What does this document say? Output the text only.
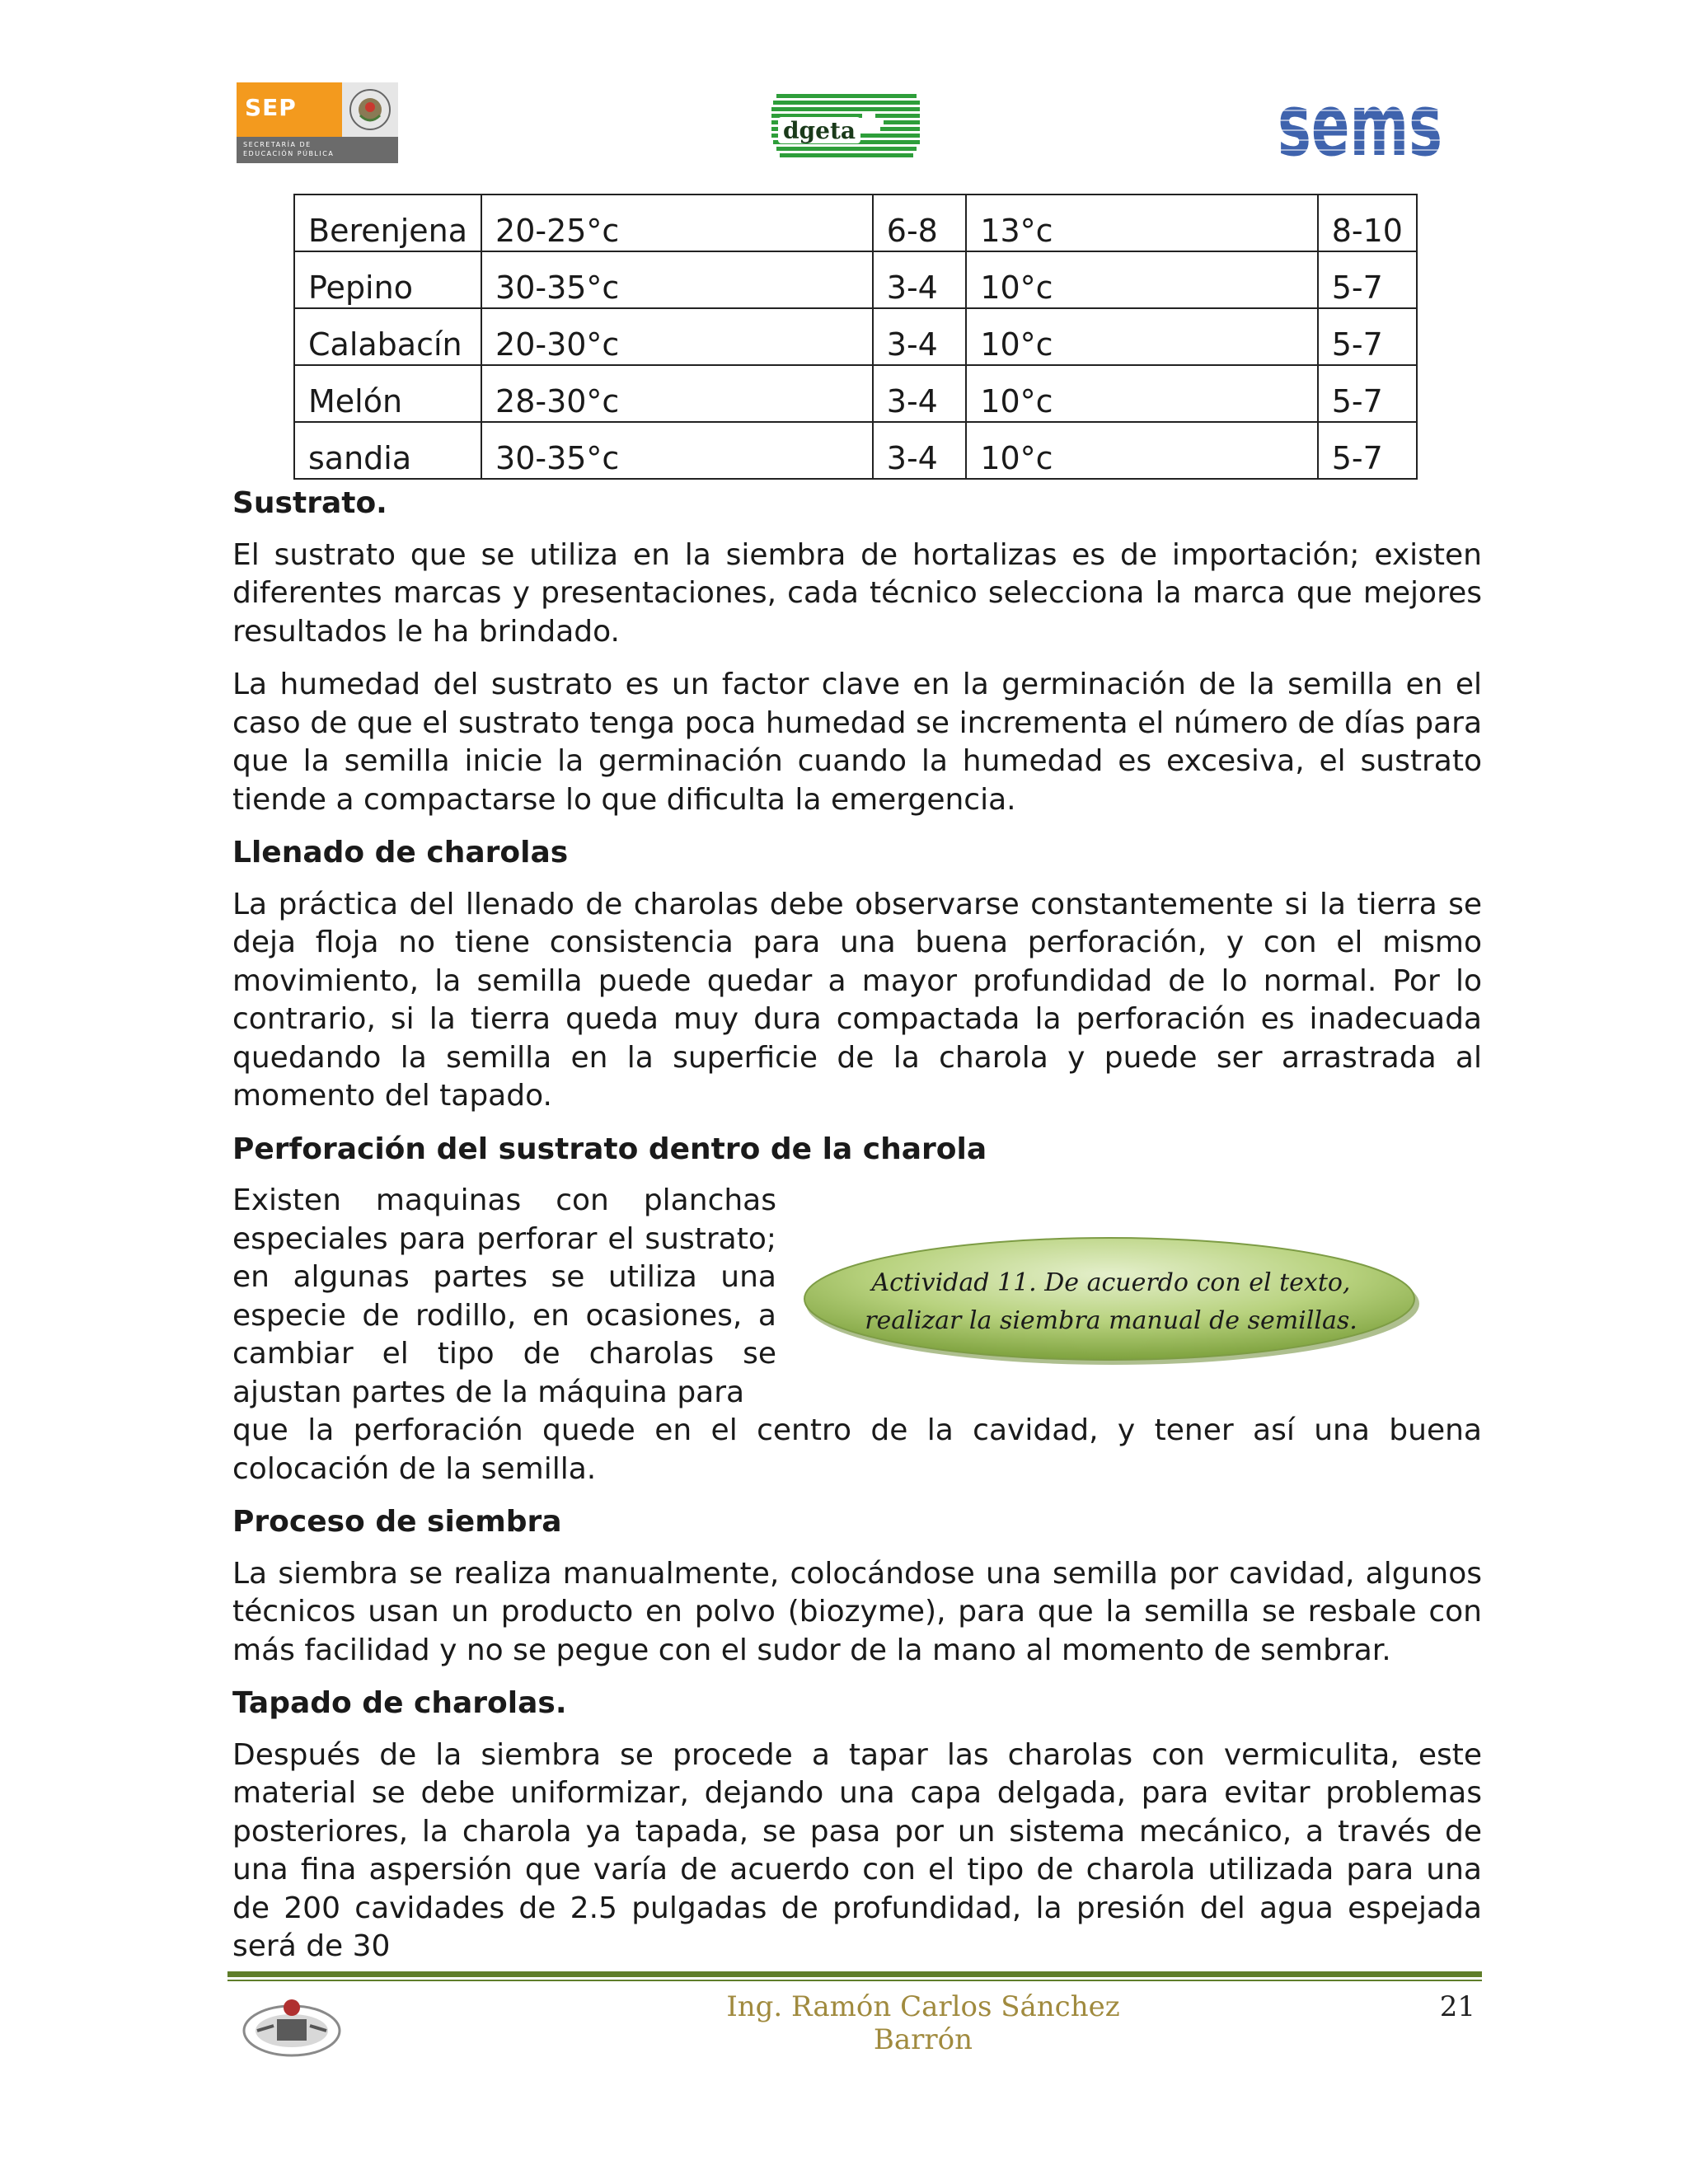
SEP
SECRETARÍA DE
EDUCACIÓN PÚBLICA
dgeta	sems
Berenjena	20-25°c	6-8	13°c	8-10
Pepino	30-35°c	3-4	10°c	5-7
Calabacín	20-30°c	3-4	10°c	5-7
Melón	28-30°c	3-4	10°c	5-7
sandia	30-35°c	3-4	10°c	5-7
Sustrato.

El sustrato que se utiliza en la siembra de hortalizas es de importación; existen diferentes marcas y presentaciones, cada técnico selecciona la marca que mejores resultados le ha brindado.

La humedad del sustrato es un factor clave en la germinación de la semilla en el caso de que el sustrato tenga poca humedad se incrementa el número de días para que la semilla inicie la germinación cuando la humedad es excesiva, el sustrato tiende a compactarse lo que dificulta la emergencia.

Llenado de charolas

La práctica del llenado de charolas debe observarse constantemente si la tierra se deja floja no tiene consistencia para una buena perforación, y con el mismo movimiento, la semilla puede quedar a mayor profundidad de lo normal. Por lo contrario, si la tierra queda muy dura compactada la perforación es inadecuada quedando la semilla en la superficie de la charola y puede ser arrastrada al momento del tapado.

Perforación del sustrato dentro de la charola

Existen maquinas con planchas especiales para perforar el sustrato; en algunas partes se utiliza una especie de rodillo, en ocasiones, a cambiar el tipo de charolas se ajustan partes de la máquina para

que la perforación quede en el centro de la cavidad, y tener así una buena colocación de la semilla.

Proceso de siembra

La siembra se realiza manualmente, colocándose una semilla por cavidad, algunos técnicos usan un producto en polvo (biozyme), para que la semilla se resbale con más facilidad y no se pegue con el sudor de la mano al momento de sembrar.

Tapado de charolas.

Después de la siembra se procede a tapar las charolas con vermiculita, este material se debe uniformizar, dejando una capa delgada, para evitar problemas posteriores, la charola ya tapada, se pasa por un sistema mecánico, a través de una fina aspersión que varía de acuerdo con el tipo de charola utilizada para una de 200 cavidades de 2.5 pulgadas de profundidad, la presión del agua espejada será de 30

Actividad 11. De acuerdo con el texto,
realizar la siembra manual de semillas.
Ing. Ramón Carlos Sánchez Barrón
21
